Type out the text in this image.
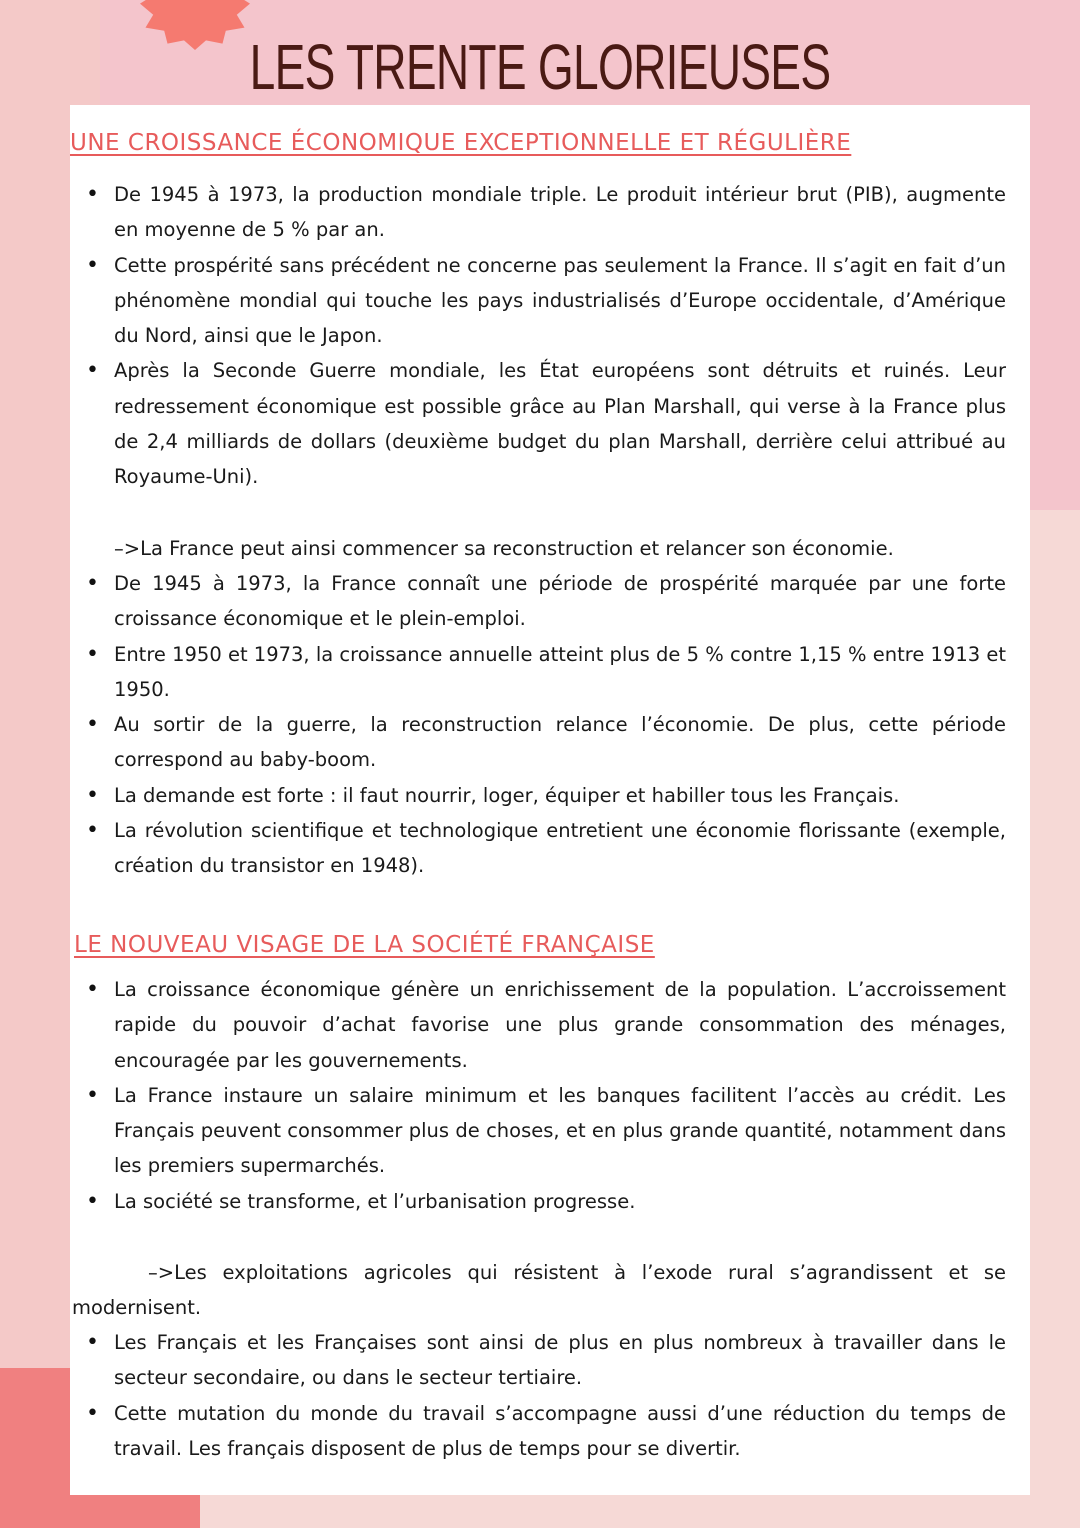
LES TRENTE GLORIEUSES
UNE CROISSANCE ÉCONOMIQUE EXCEPTIONNELLE ET RÉGULIÈRE
• De 1945 à 1973, la production mondiale triple. Le produit intérieur brut (PIB), augmente en moyenne de 5 % par an.
• Cette prospérité sans précédent ne concerne pas seulement la France. Il s’agit en fait d’un phénomène mondial qui touche les pays industrialisés d’Europe occidentale, d’Amérique du Nord, ainsi que le Japon.
• Après la Seconde Guerre mondiale, les État européens sont détruits et ruinés. Leur redressement économique est possible grâce au Plan Marshall, qui verse à la France plus de 2,4 milliards de dollars (deuxième budget du plan Marshall, derrière celui attribué au Royaume-Uni).
–>La France peut ainsi commencer sa reconstruction et relancer son économie.
• De 1945 à 1973, la France connaît une période de prospérité marquée par une forte croissance économique et le plein-emploi.
• Entre 1950 et 1973, la croissance annuelle atteint plus de 5 % contre 1,15 % entre 1913 et 1950.
• Au sortir de la guerre, la reconstruction relance l’économie. De plus, cette période correspond au baby-boom.
• La demande est forte : il faut nourrir, loger, équiper et habiller tous les Français.
• La révolution scientifique et technologique entretient une économie florissante (exemple, création du transistor en 1948).
LE NOUVEAU VISAGE DE LA SOCIÉTÉ FRANÇAISE
• La croissance économique génère un enrichissement de la population. L’accroissement rapide du pouvoir d’achat favorise une plus grande consommation des ménages, encouragée par les gouvernements.
• La France instaure un salaire minimum et les banques facilitent l’accès au crédit. Les Français peuvent consommer plus de choses, et en plus grande quantité, notamment dans les premiers supermarchés.
• La société se transforme, et l’urbanisation progresse.
–>Les exploitations agricoles qui résistent à l’exode rural s’agrandissent et se modernisent.
• Les Français et les Françaises sont ainsi de plus en plus nombreux à travailler dans le secteur secondaire, ou dans le secteur tertiaire.
• Cette mutation du monde du travail s’accompagne aussi d’une réduction du temps de travail. Les français disposent de plus de temps pour se divertir.
